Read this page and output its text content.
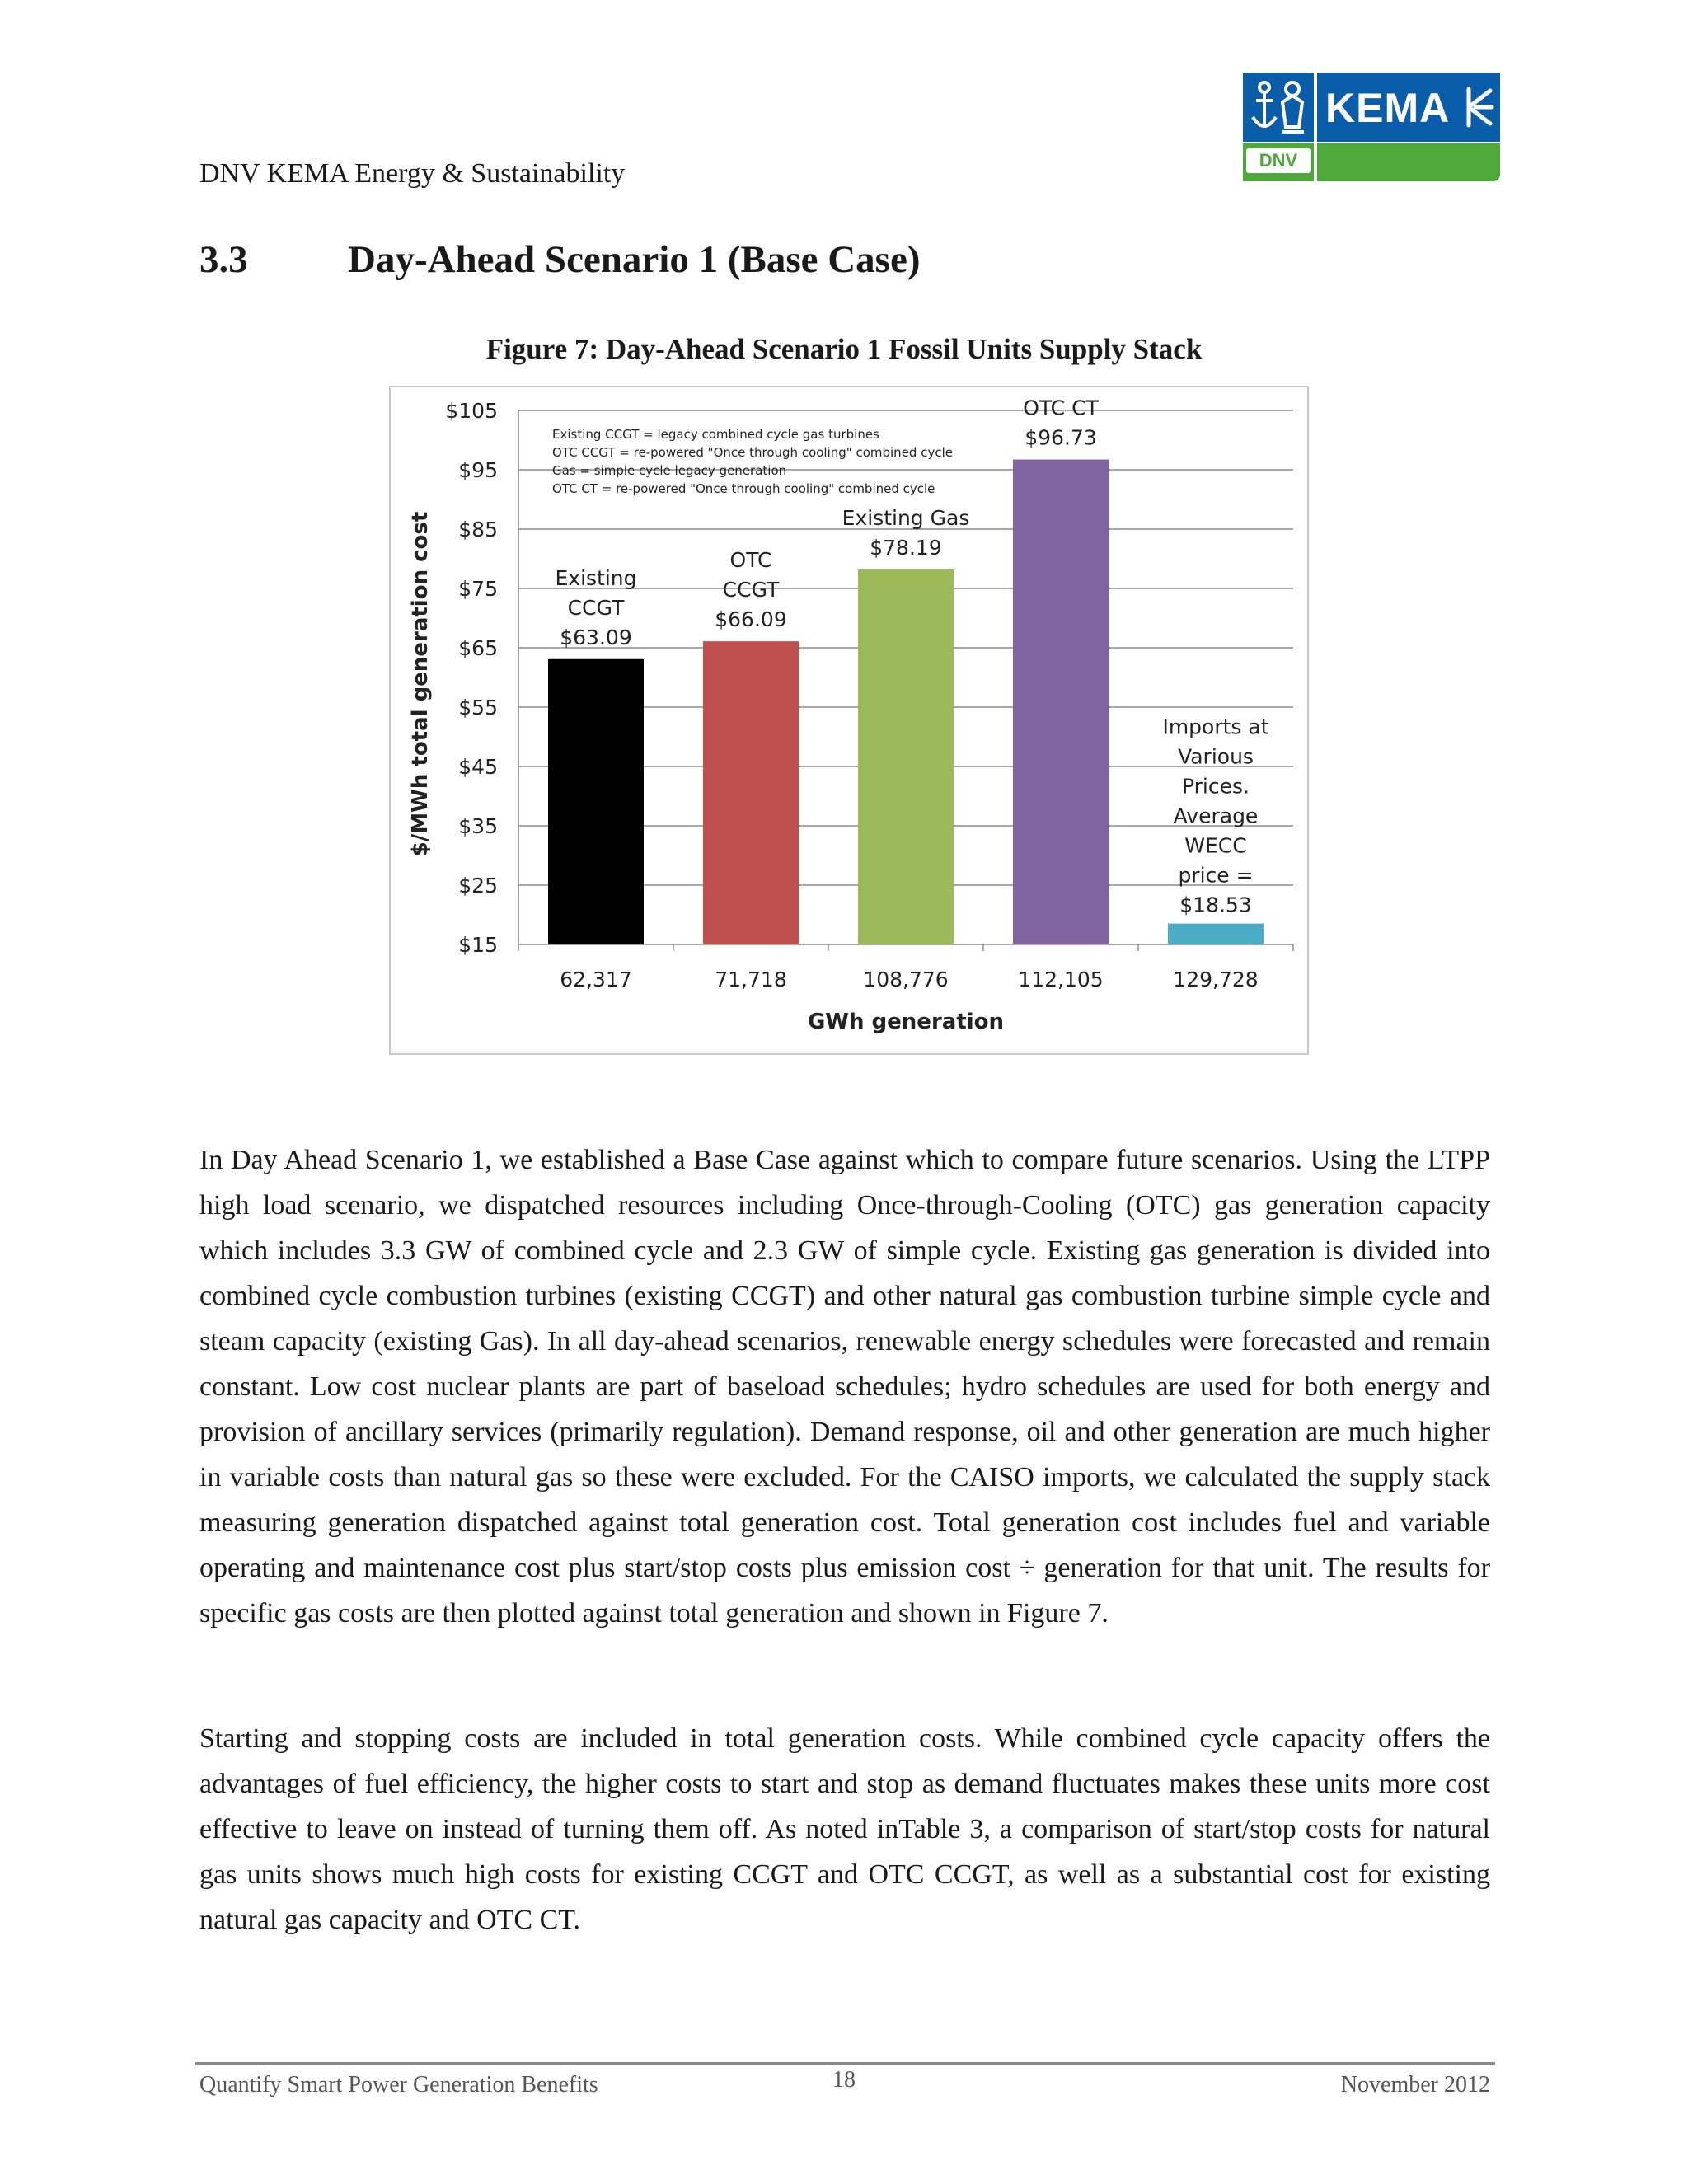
DNV KEMA Energy & Sustainability
KEMA
DNV
3.3	Day-Ahead Scenario 1 (Base Case)
Figure 7: Day-Ahead Scenario 1 Fossil Units Supply Stack
$105
$95
$85
$75
$65
$55
$45
$35
$25
$15
62,317
Existing
CCGT
$63.09
71,718
OTC
CCGT
$66.09
108,776
Existing Gas
$78.19
112,105
OTC CT
$96.73
129,728
Imports at
Various
Prices.
Average
WECC
price =
$18.53
GWh generation
$/MWh total generation cost
Existing CCGT = legacy combined cycle gas turbines
OTC CCGT = re-powered "Once through cooling" combined cycle
Gas = simple cycle legacy generation
OTC CT = re-powered "Once through cooling" combined cycle
In Day Ahead Scenario 1, we established a Base Case against which to compare future scenarios. Using the LTPP high load scenario, we dispatched resources including Once-through-Cooling (OTC) gas generation capacity which includes 3.3 GW of combined cycle and 2.3 GW of simple cycle. Existing gas generation is divided into combined cycle combustion turbines (existing CCGT) and other natural gas combustion turbine simple cycle and steam capacity (existing Gas). In all day-ahead scenarios, renewable energy schedules were forecasted and remain constant. Low cost nuclear plants are part of baseload schedules; hydro schedules are used for both energy and provision of ancillary services (primarily regulation). Demand response, oil and other generation are much higher in variable costs than natural gas so these were excluded. For the CAISO imports, we calculated the supply stack measuring generation dispatched against total generation cost. Total generation cost includes fuel and variable operating and maintenance cost plus start/stop costs plus emission cost ÷ generation for that unit. The results for specific gas costs are then plotted against total generation and shown in Figure 7.
Starting and stopping costs are included in total generation costs. While combined cycle capacity offers the advantages of fuel efficiency, the higher costs to start and stop as demand fluctuates makes these units more cost effective to leave on instead of turning them off. As noted inTable 3, a comparison of start/stop costs for natural gas units shows much high costs for existing CCGT and OTC CCGT, as well as a substantial cost for existing natural gas capacity and OTC CT.
Quantify Smart Power Generation Benefits	18	November 2012
